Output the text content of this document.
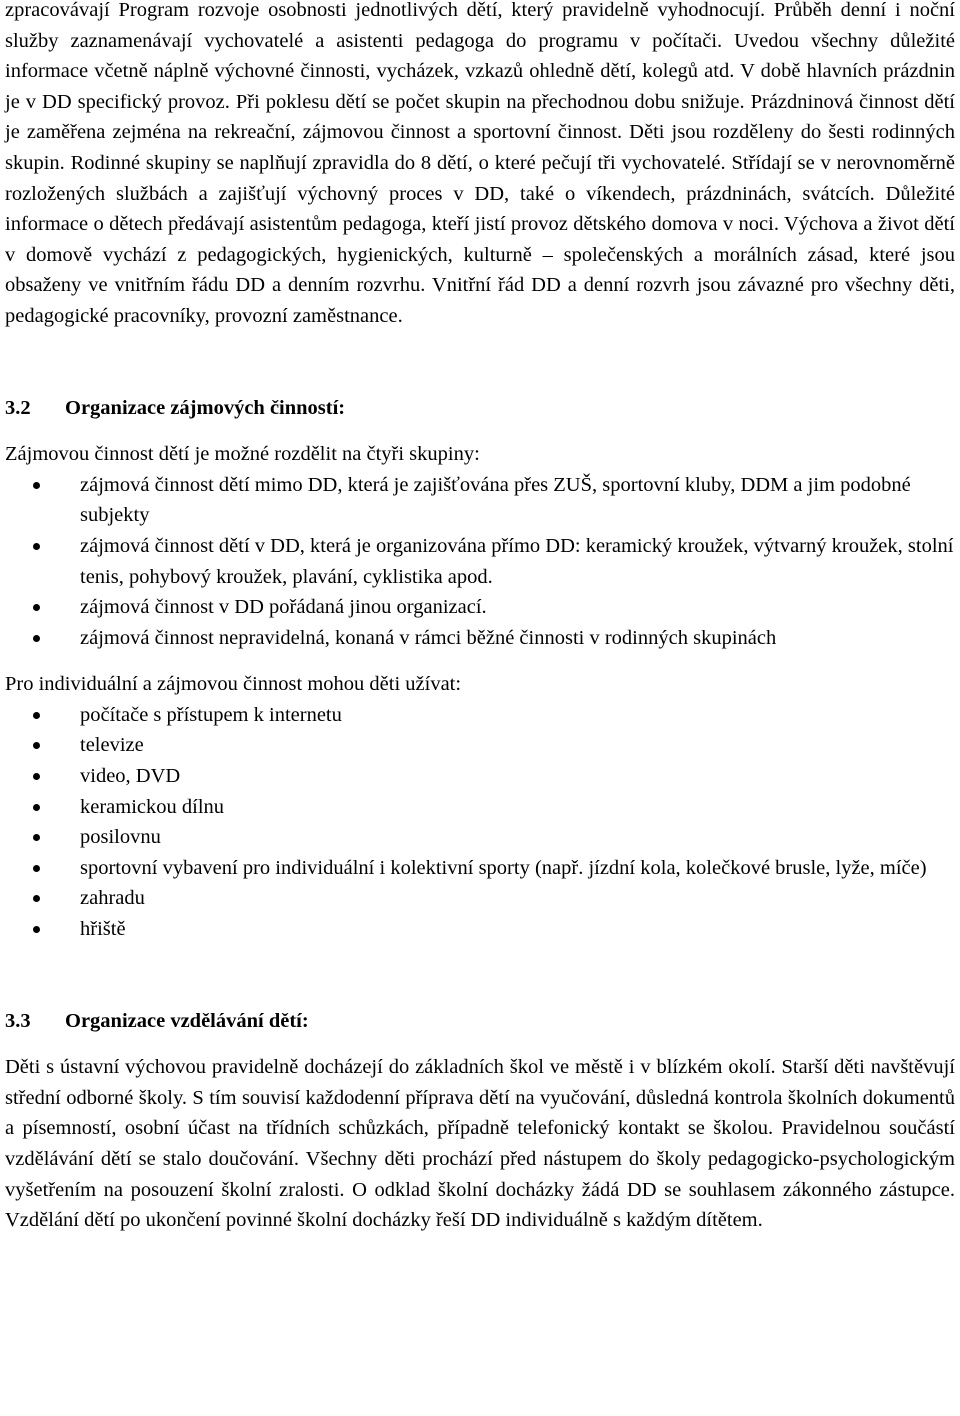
zpracovávají Program rozvoje osobnosti jednotlivých dětí, který pravidelně vyhodnocují. Průběh denní i noční služby zaznamenávají vychovatelé a asistenti pedagoga do programu v počítači. Uvedou všechny důležité informace včetně náplně výchovné činnosti, vycházek, vzkazů ohledně dětí, kolegů atd. V době hlavních prázdnin je v DD specifický provoz. Při poklesu dětí se počet skupin na přechodnou dobu snižuje. Prázdninová činnost dětí je zaměřena zejména na rekreační, zájmovou činnost a sportovní činnost. Děti jsou rozděleny do šesti rodinných skupin. Rodinné skupiny se naplňují zpravidla do 8 dětí, o které pečují tři vychovatelé. Střídají se v nerovnoměrně rozložených službách a zajišťují výchovný proces v DD, také o víkendech, prázdninách, svátcích. Důležité informace o dětech předávají asistentům pedagoga, kteří jistí provoz dětského domova v noci. Výchova a život dětí v domově vychází z pedagogických, hygienických, kulturně – společenských a morálních zásad, které jsou obsaženy ve vnitřním řádu DD a denním rozvrhu. Vnitřní řád DD a denní rozvrh jsou závazné pro všechny děti, pedagogické pracovníky, provozní zaměstnance.

3.2 Organizace zájmových činností:

Zájmovou činnost dětí je možné rozdělit na čtyři skupiny:

zájmová činnost dětí mimo DD, která je zajišťována přes ZUŠ, sportovní kluby, DDM a jim podobné subjekty
zájmová činnost dětí v DD, která je organizována přímo DD: keramický kroužek, výtvarný kroužek, stolní tenis, pohybový kroužek, plavání, cyklistika apod.
zájmová činnost v DD pořádaná jinou organizací.
zájmová činnost nepravidelná, konaná v rámci běžné činnosti v rodinných skupinách

Pro individuální a zájmovou činnost mohou děti užívat:

počítače s přístupem k internetu
televize
video, DVD
keramickou dílnu
posilovnu
sportovní vybavení pro individuální i kolektivní sporty (např. jízdní kola, kolečkové brusle, lyže, míče)
zahradu
hřiště
3.3 Organizace vzdělávání dětí:

Děti s ústavní výchovou pravidelně docházejí do základních škol ve městě i v blízkém okolí. Starší děti navštěvují střední odborné školy. S tím souvisí každodenní příprava dětí na vyučování, důsledná kontrola školních dokumentů a písemností, osobní účast na třídních schůzkách, případně telefonický kontakt se školou. Pravidelnou součástí vzdělávání dětí se stalo doučování. Všechny děti prochází před nástupem do školy pedagogicko-psychologickým vyšetřením na posouzení školní zralosti. O odklad školní docházky žádá DD se souhlasem zákonného zástupce. Vzdělání dětí po ukončení povinné školní docházky řeší DD individuálně s každým dítětem.
